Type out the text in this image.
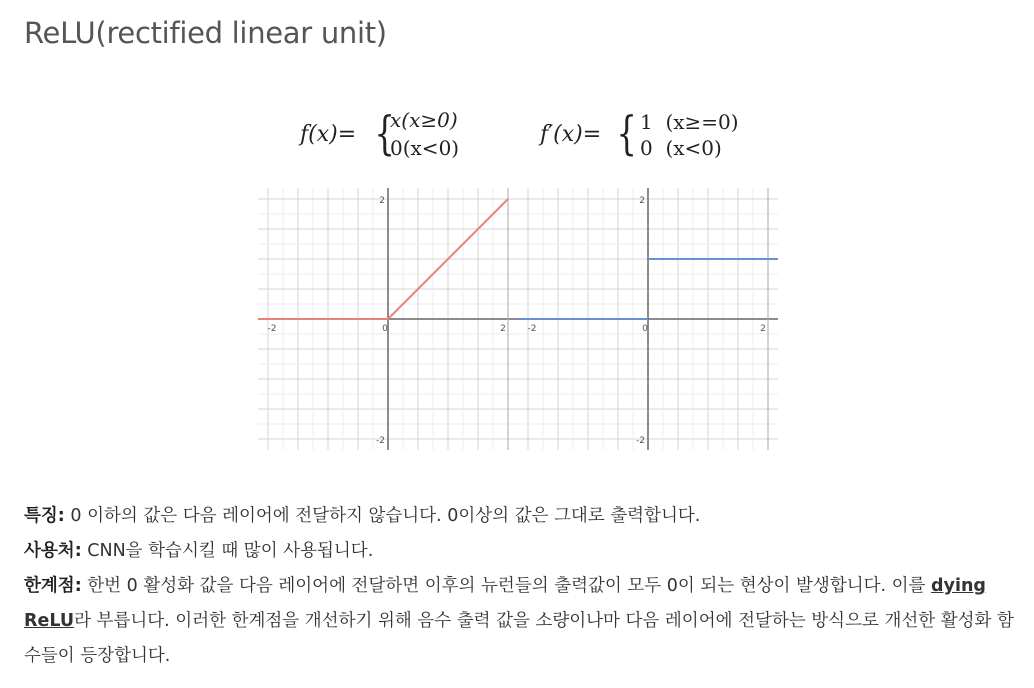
ReLU(rectified linear unit)
f(x)= {
x(x≥0)
0(x<0)
f′(x)= { 1  (x≥=0)
0  (x<0)
-2	0	2
2
-2
-2	0	2
2
-2
특징: 0 이하의 값은 다음 레이어에 전달하지 않습니다. 0이상의 값은 그대로 출력합니다.
사용처: CNN을 학습시킬 때 많이 사용됩니다.
한계점: 한번 0 활성화 값을 다음 레이어에 전달하면 이후의 뉴런들의 출력값이 모두 0이 되는 현상이 발생합니다. 이를 dying
ReLU라 부릅니다. 이러한 한계점을 개선하기 위해 음수 출력 값을 소량이나마 다음 레이어에 전달하는 방식으로 개선한 활성화 함
수들이 등장합니다.
